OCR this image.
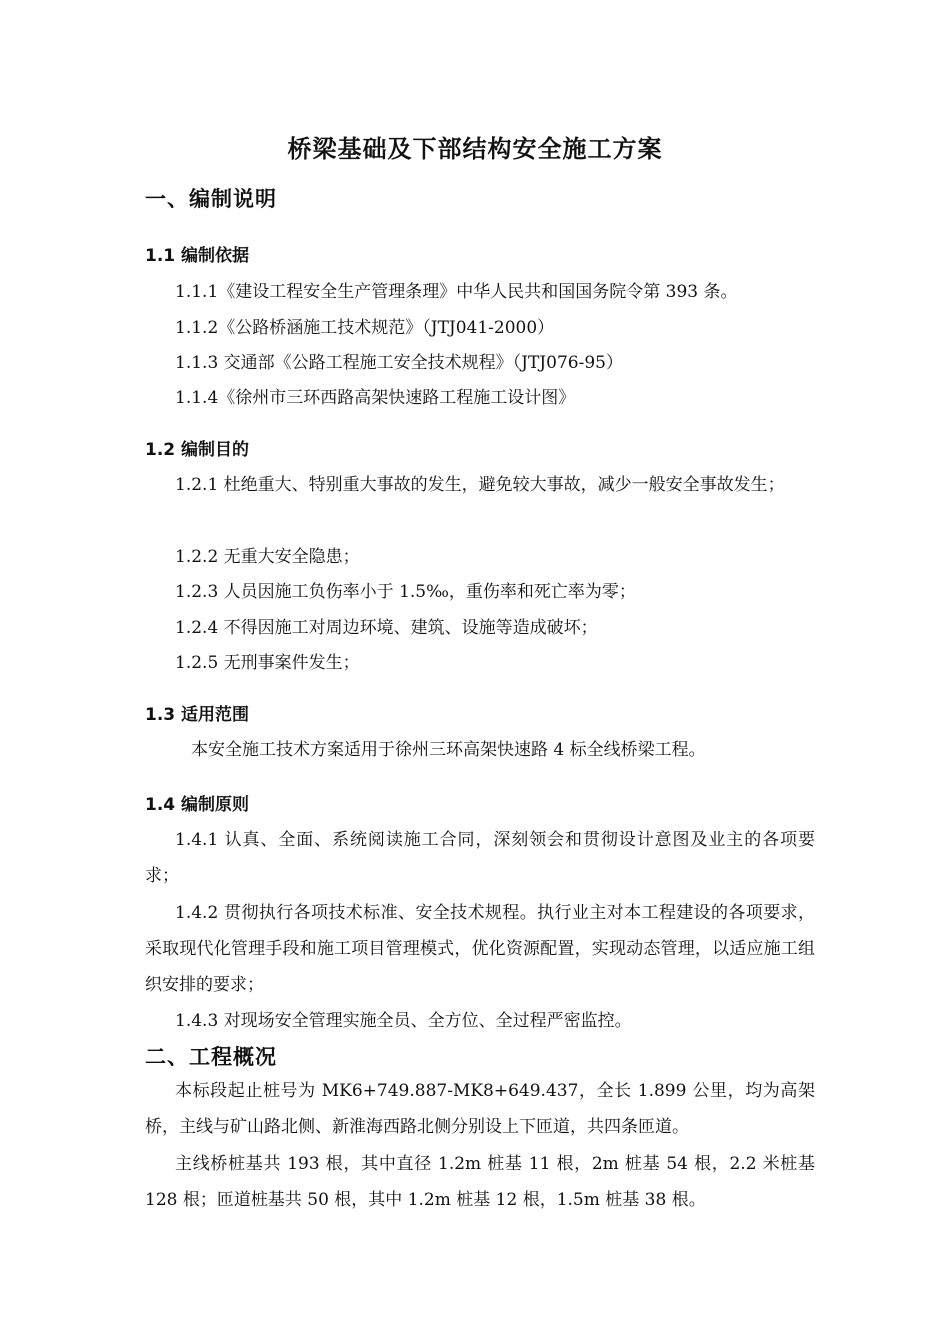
桥梁基础及下部结构安全施工方案
一、编制说明
1.1 编制依据
1.1.1《建设工程安全生产管理条理》中华人民共和国国务院令第 393 条。
1.1.2《公路桥涵施工技术规范》（JTJ041-2000）
1.1.3 交通部《公路工程施工安全技术规程》（JTJ076-95）
1.1.4《徐州市三环西路高架快速路工程施工设计图》
1.2 编制目的
1.2.1 杜绝重大、特别重大事故的发生，避免较大事故，减少一般安全事故发生；
1.2.2 无重大安全隐患；
1.2.3 人员因施工负伤率小于 1.5‰，重伤率和死亡率为零；
1.2.4 不得因施工对周边环境、建筑、设施等造成破坏；
1.2.5 无刑事案件发生；
1.3 适用范围
本安全施工技术方案适用于徐州三环高架快速路 4 标全线桥梁工程。
1.4 编制原则
1.4.1 认真、全面、系统阅读施工合同，深刻领会和贯彻设计意图及业主的各项要求；
1.4.2 贯彻执行各项技术标准、安全技术规程。执行业主对本工程建设的各项要求，采取现代化管理手段和施工项目管理模式，优化资源配置，实现动态管理，以适应施工组织安排的要求；
1.4.3 对现场安全管理实施全员、全方位、全过程严密监控。
二、工程概况
本标段起止桩号为 MK6+749.887-MK8+649.437，全长 1.899 公里，均为高架桥，主线与矿山路北侧、新淮海西路北侧分别设上下匝道，共四条匝道。
主线桥桩基共 193 根，其中直径 1.2m 桩基 11 根，2m 桩基 54 根，2.2 米桩基 128 根；匝道桩基共 50 根，其中 1.2m 桩基 12 根，1.5m 桩基 38 根。
